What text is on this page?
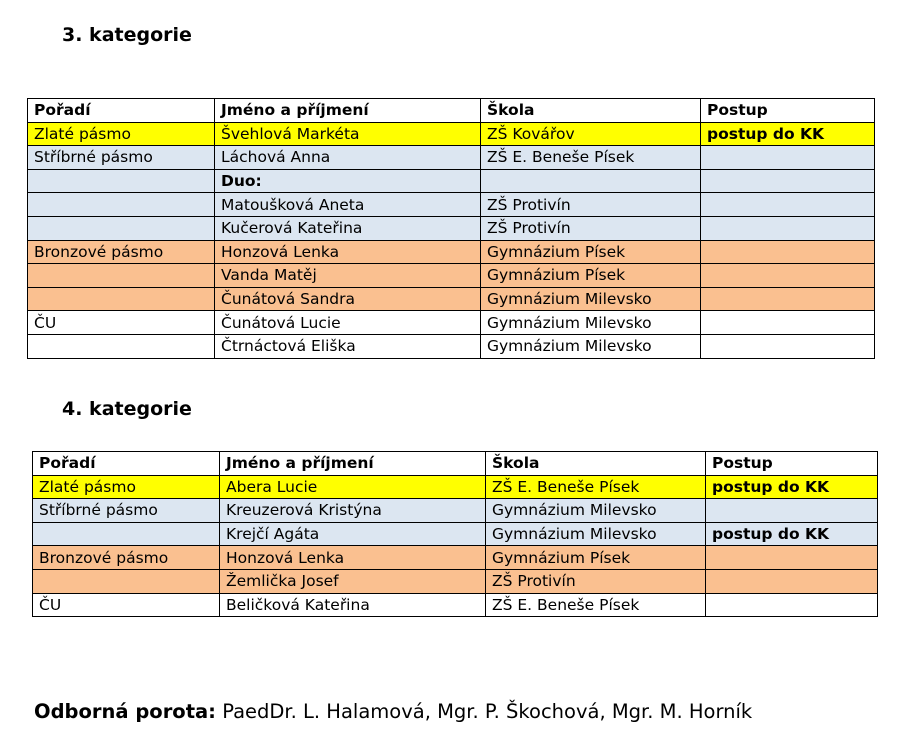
3. kategorie
Pořadí	Jméno a příjmení	Škola	Postup
Zlaté pásmo	Švehlová Markéta	ZŠ Kovářov	postup do KK
Stříbrné pásmo	Láchová Anna	ZŠ E. Beneše Písek	
	Duo:		
	Matoušková Aneta	ZŠ Protivín	
	Kučerová Kateřina	ZŠ Protivín	
Bronzové pásmo	Honzová Lenka	Gymnázium Písek	
	Vanda Matěj	Gymnázium Písek	
	Čunátová Sandra	Gymnázium Milevsko	
ČU	Čunátová Lucie	Gymnázium Milevsko	
	Čtrnáctová Eliška	Gymnázium Milevsko	
4. kategorie
Pořadí	Jméno a příjmení	Škola	Postup
Zlaté pásmo	Abera Lucie	ZŠ E. Beneše Písek	postup do KK
Stříbrné pásmo	Kreuzerová Kristýna	Gymnázium Milevsko	
	Krejčí Agáta	Gymnázium Milevsko	postup do KK
Bronzové pásmo	Honzová Lenka	Gymnázium Písek	
	Žemlička Josef	ZŠ Protivín	
ČU	Beličková Kateřina	ZŠ E. Beneše Písek	
Odborná porota: PaedDr. L. Halamová, Mgr. P. Škochová, Mgr. M. Horník
